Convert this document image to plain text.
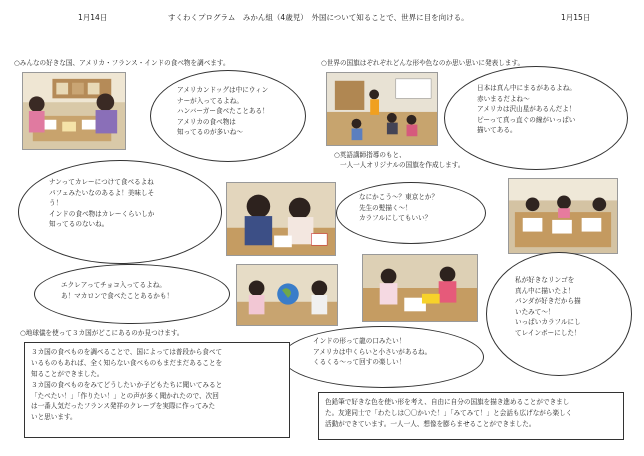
1月14日	すくわくプログラム　みかん組（4歳児）　外国について知ることで、世界に目を向ける。	1月15日
○みんなの好きな国、アメリカ・フランス・インドの食べ物を調べます。	○世界の国旗はぞれぞれどんな形や色なのか思い思いに発表します。
アメリカンドッグは中にウィン
ナーが入ってるよね。
ハンバーガー食べたことある！
アメリカの食べ物は
知ってるのが多いね～
日本は真ん中にまるがあるよね。
赤いまるだよね～
アメリカは沢山星があるんだよ！
ピーって真っ直ぐの線がいっぱい
描いてある。
○英語講師指導のもと、
一人一人オリジナルの国旗を作成します。
ナンってカレーにつけて食べるよね
パフェみたいなのあるよ！美味しそ
う！
インドの食べ物はカレーくらいしか
知ってるのないね。
なにかこう～？東京とか？
先生の髪描く～！
カラフルにしてもいい？
エクレアってチョコ入ってるよね。
あ！マカロンで食べたことあるかも！
私が好きなリンゴを
真ん中に描いたよ！
パンダが好きだから描
いたみて～！
いっぱいカラフルにし
てレインボーにした！
○地球儀を使って３カ国がどこにあるのか見つけます。
インドの形って龍の口みたい！
アメリカは中くらいと小さいがあるね。
くるくる～って回すの楽しい！
３カ国の食べものを調べることで、国によっては普段から食べて
いるものもあれば、全く知らない食べものもまだまだあることを
知ることができました。
３カ国の食べものをみてどうしたいか子どもたちに聞いてみると
「たべたい！」「作りたい！」との声が多く聞かれたので、次回
は一番人気だったフランス発祥のクレープを実際に作ってみた
いと思います。
色鉛筆で好きな色を使い形を考え、自由に自分の国旗を描き進めることができまし
た。友達同士で「わたしは〇〇かいた！」「みてみて！」と会話も広げながら楽しく
活動ができています。一人一人、想像を膨らませることができました。
